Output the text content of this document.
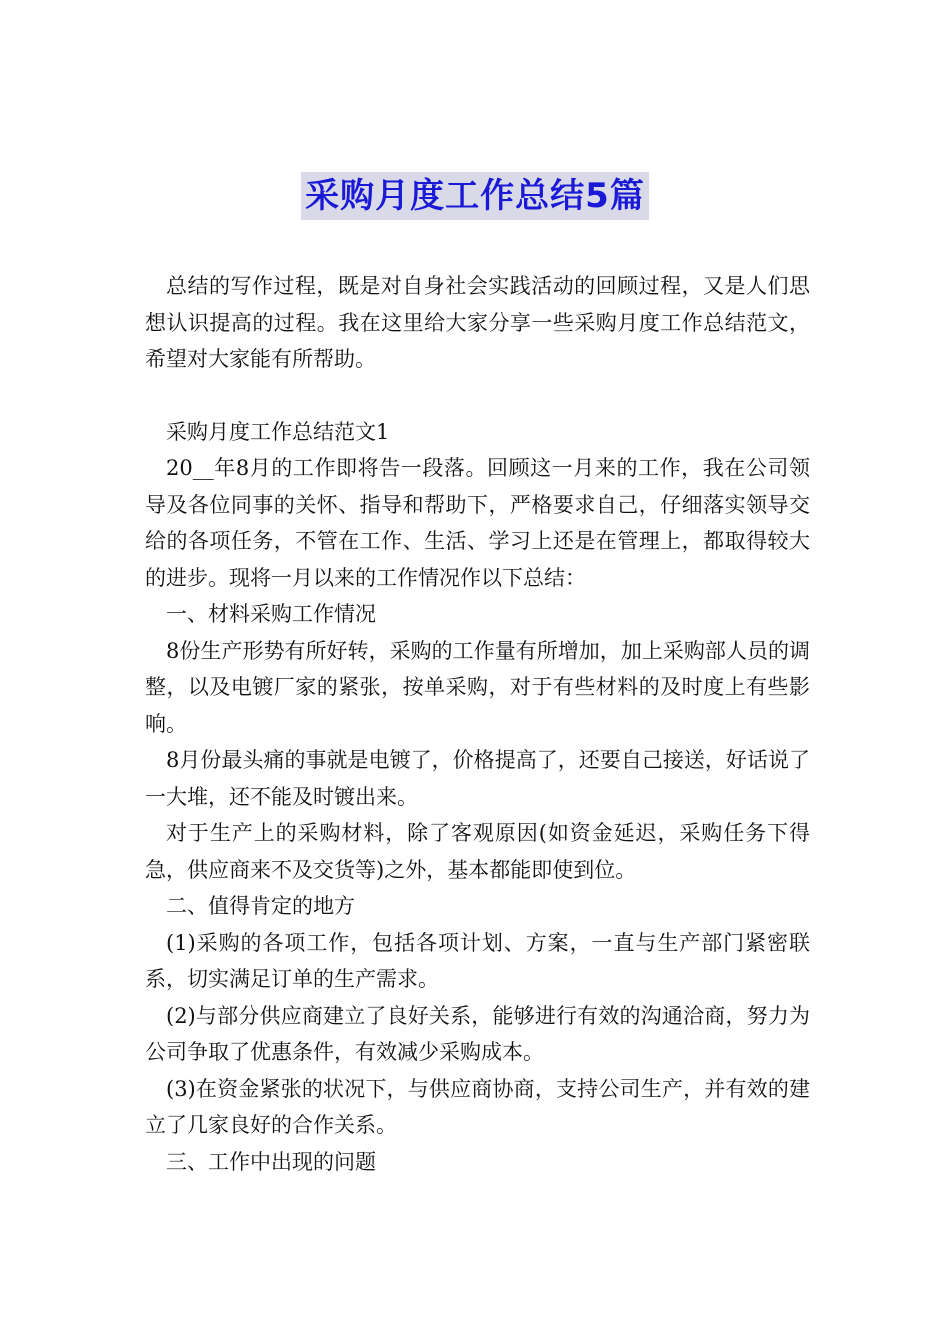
采购月度工作总结5篇

总结的写作过程，既是对自身社会实践活动的回顾过程，又是人们思想认识提高的过程。我在这里给大家分享一些采购月度工作总结范文，希望对大家能有所帮助。

采购月度工作总结范文1

20__年8月的工作即将告一段落。回顾这一月来的工作，我在公司领导及各位同事的关怀、指导和帮助下，严格要求自己，仔细落实领导交给的各项任务，不管在工作、生活、学习上还是在管理上，都取得较大的进步。现将一月以来的工作情况作以下总结：

一、材料采购工作情况

8份生产形势有所好转，采购的工作量有所增加，加上采购部人员的调整，以及电镀厂家的紧张，按单采购，对于有些材料的及时度上有些影响。

8月份最头痛的事就是电镀了，价格提高了，还要自己接送，好话说了一大堆，还不能及时镀出来。

对于生产上的采购材料，除了客观原因(如资金延迟，采购任务下得急，供应商来不及交货等)之外，基本都能即使到位。

二、值得肯定的地方

(1)采购的各项工作，包括各项计划、方案，一直与生产部门紧密联系，切实满足订单的生产需求。

(2)与部分供应商建立了良好关系，能够进行有效的沟通洽商，努力为公司争取了优惠条件，有效减少采购成本。

(3)在资金紧张的状况下，与供应商协商，支持公司生产，并有效的建立了几家良好的合作关系。

三、工作中出现的问题
